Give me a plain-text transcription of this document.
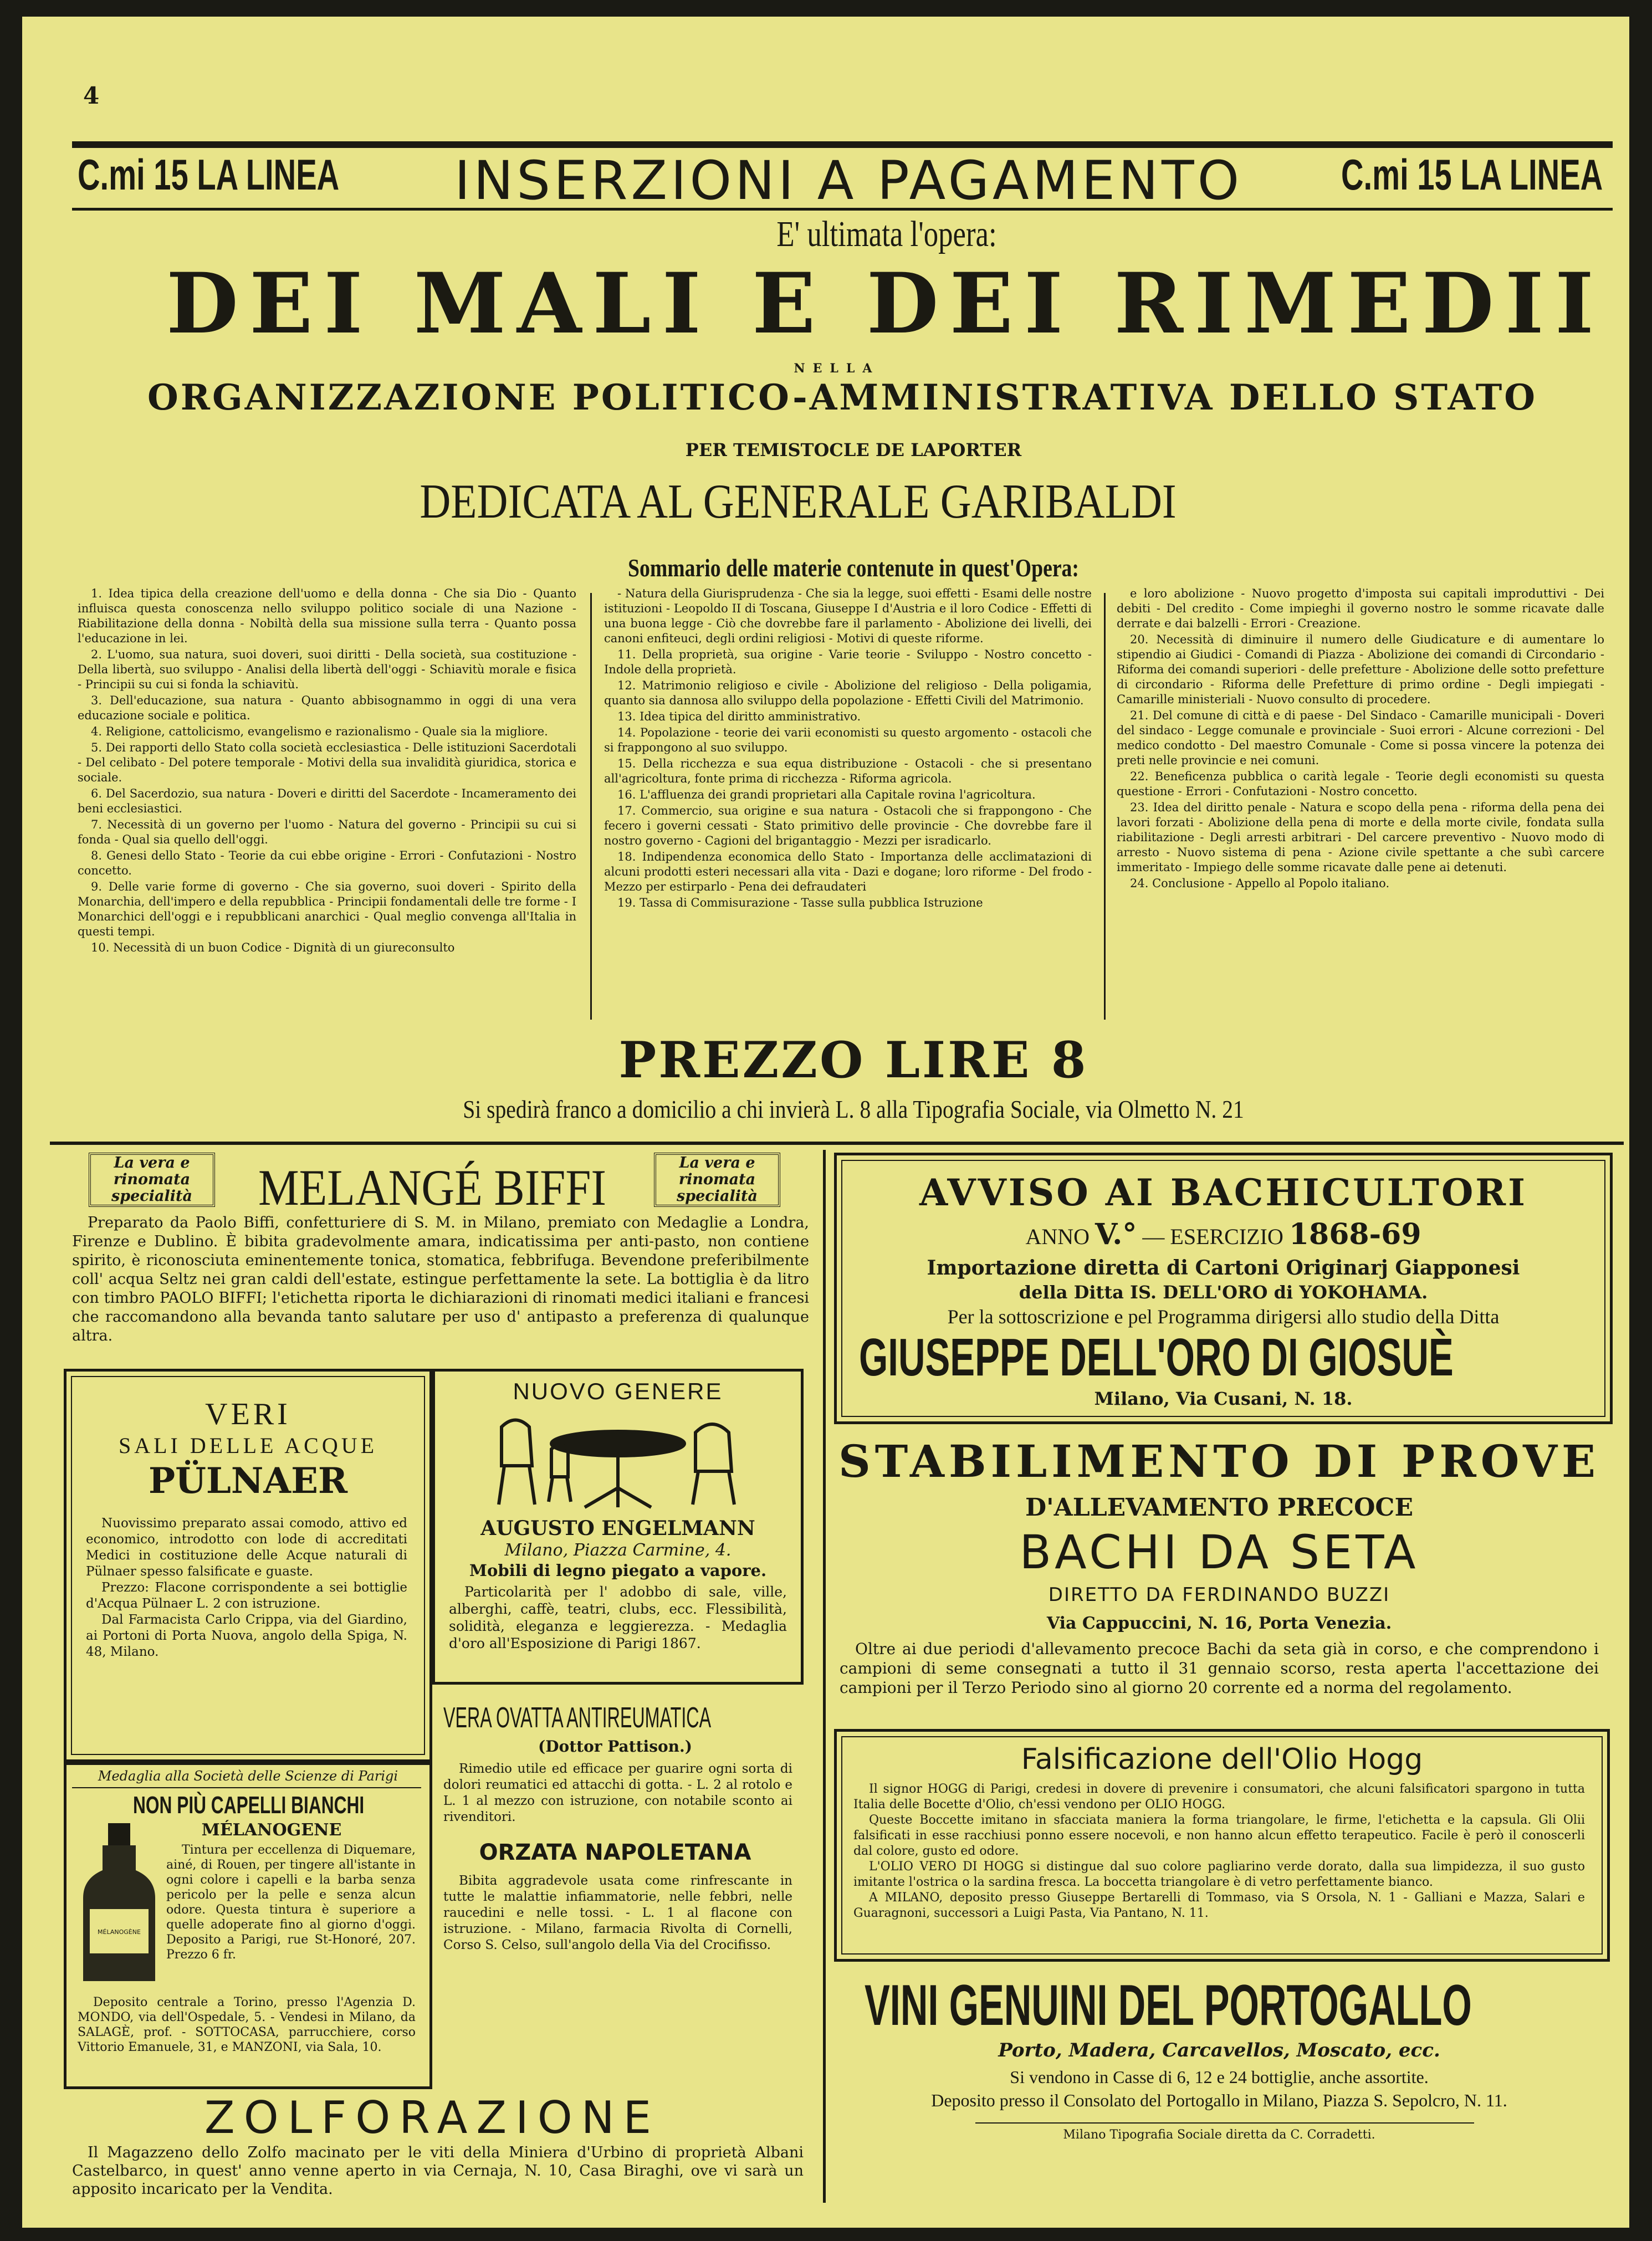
4
C.mi 15 LA LINEA INSERZIONI A PAGAMENTO C.mi 15 LA LINEA
E' ultimata l'opera:
DEI MALI E DEI RIMEDII
NELLA
ORGANIZZAZIONE POLITICO-AMMINISTRATIVA DELLO STATO
PER TEMISTOCLE DE LAPORTER
DEDICATA AL GENERALE GARIBALDI
Sommario delle materie contenute in quest'Opera:

1. Idea tipica della creazione dell'uomo e della donna - Che sia Dio - Quanto influisca questa conoscenza nello sviluppo politico sociale di una Nazione - Riabilitazione della donna - Nobiltà della sua missione sulla terra - Quanto possa l'educazione in lei.

2. L'uomo, sua natura, suoi doveri, suoi diritti - Della società, sua costituzione - Della libertà, suo sviluppo - Analisi della libertà dell'oggi - Schiavitù morale e fisica - Principii su cui si fonda la schiavitù.

3. Dell'educazione, sua natura - Quanto abbisognammo in oggi di una vera educazione sociale e politica.

4. Religione, cattolicismo, evangelismo e razionalismo - Quale sia la migliore.

5. Dei rapporti dello Stato colla società ecclesiastica - Delle istituzioni Sacerdotali - Del celibato - Del potere temporale - Motivi della sua invalidità giuridica, storica e sociale.

6. Del Sacerdozio, sua natura - Doveri e diritti del Sacerdote - Incameramento dei beni ecclesiastici.

7. Necessità di un governo per l'uomo - Natura del governo - Principii su cui si fonda - Qual sia quello dell'oggi.

8. Genesi dello Stato - Teorie da cui ebbe origine - Errori - Confutazioni - Nostro concetto.

9. Delle varie forme di governo - Che sia governo, suoi doveri - Spirito della Monarchia, dell'impero e della repubblica - Principii fondamentali delle tre forme - I Monarchici dell'oggi e i repubblicani anarchici - Qual meglio convenga all'Italia in questi tempi.

10. Necessità di un buon Codice - Dignità di un giureconsulto

- Natura della Giurisprudenza - Che sia la legge, suoi effetti - Esami delle nostre istituzioni - Leopoldo II di Toscana, Giuseppe I d'Austria e il loro Codice - Effetti di una buona legge - Ciò che dovrebbe fare il parlamento - Abolizione dei livelli, dei canoni enfiteuci, degli ordini religiosi - Motivi di queste riforme.

11. Della proprietà, sua origine - Varie teorie - Sviluppo - Nostro concetto - Indole della proprietà.

12. Matrimonio religioso e civile - Abolizione del religioso - Della poligamia, quanto sia dannosa allo sviluppo della popolazione - Effetti Civili del Matrimonio.

13. Idea tipica del diritto amministrativo.

14. Popolazione - teorie dei varii economisti su questo argomento - ostacoli che si frappongono al suo sviluppo.

15. Della ricchezza e sua equa distribuzione - Ostacoli - che si presentano all'agricoltura, fonte prima di ricchezza - Riforma agricola.

16. L'affluenza dei grandi proprietari alla Capitale rovina l'agricoltura.

17. Commercio, sua origine e sua natura - Ostacoli che si frappongono - Che fecero i governi cessati - Stato primitivo delle provincie - Che dovrebbe fare il nostro governo - Cagioni del brigantaggio - Mezzi per isradicarlo.

18. Indipendenza economica dello Stato - Importanza delle acclimatazioni di alcuni prodotti esteri necessari alla vita - Dazi e dogane; loro riforme - Del frodo - Mezzo per estirparlo - Pena dei defraudateri

19. Tassa di Commisurazione - Tasse sulla pubblica Istruzione

e loro abolizione - Nuovo progetto d'imposta sui capitali improduttivi - Dei debiti - Del credito - Come impieghi il governo nostro le somme ricavate dalle derrate e dai balzelli - Errori - Creazione.

20. Necessità di diminuire il numero delle Giudicature e di aumentare lo stipendio ai Giudici - Comandi di Piazza - Abolizione dei comandi di Circondario - Riforma dei comandi superiori - delle prefetture - Abolizione delle sotto prefetture di circondario - Riforma delle Prefetture di primo ordine - Degli impiegati - Camarille ministeriali - Nuovo consulto di procedere.

21. Del comune di città e di paese - Del Sindaco - Camarille municipali - Doveri del sindaco - Legge comunale e provinciale - Suoi errori - Alcune correzioni - Del medico condotto - Del maestro Comunale - Come si possa vincere la potenza dei preti nelle provincie e nei comuni.

22. Beneficenza pubblica o carità legale - Teorie degli economisti su questa questione - Errori - Confutazioni - Nostro concetto.

23. Idea del diritto penale - Natura e scopo della pena - riforma della pena dei lavori forzati - Abolizione della pena di morte e della morte civile, fondata sulla riabilitazione - Degli arresti arbitrari - Del carcere preventivo - Nuovo modo di arresto - Nuovo sistema di pena - Azione civile spettante a che subì carcere immeritato - Impiego delle somme ricavate dalle pene ai detenuti.

24. Conclusione - Appello al Popolo italiano.

PREZZO LIRE 8
Si spedirà franco a domicilio a chi invierà L. 8 alla Tipografia Sociale, via Olmetto N. 21
La vera e rinomata specialità	MELANGÉ BIFFI	La vera e rinomata specialità

Preparato da Paolo Biffi, confetturiere di S. M. in Milano, premiato con Medaglie a Londra, Firenze e Dublino. È bibita gradevolmente amara, indicatissima per anti-pasto, non contiene spirito, è riconosciuta eminentemente tonica, stomatica, febbrifuga. Bevendone preferibilmente coll' acqua Seltz nei gran caldi dell'estate, estingue perfettamente la sete. La bottiglia è da litro con timbro PAOLO BIFFI; l'etichetta riporta le dichiarazioni di rinomati medici italiani e francesi che raccomandono alla bevanda tanto salutare per uso d' antipasto a preferenza di qualunque altra.

VERI
SALI DELLE ACQUE
PÜLNAER

Nuovissimo preparato assai comodo, attivo ed economico, introdotto con lode di accreditati Medici in costituzione delle Acque naturali di Pülnaer spesso falsificate e guaste.

Prezzo: Flacone corrispondente a sei bottiglie d'Acqua Pülnaer L. 2 con istruzione.

Dal Farmacista Carlo Crippa, via del Giardino, ai Portoni di Porta Nuova, angolo della Spiga, N. 48, Milano.

NUOVO GENERE
AUGUSTO ENGELMANN
Milano, Piazza Carmine, 4.
Mobili di legno piegato a vapore.

Particolarità per l' adobbo di sale, ville, alberghi, caffè, teatri, clubs, ecc. Flessibilità, solidità, eleganza e leggierezza. - Medaglia d'oro all'Esposizione di Parigi 1867.

Medaglia alla Società delle Scienze di Parigi
NON PIÙ CAPELLI BIANCHI
MÉLANOGENE
MÉLANOGÈNE

Tintura per eccellenza di Diquemare, ainé, di Rouen, per tingere all'istante in ogni colore i capelli e la barba senza pericolo per la pelle e senza alcun odore. Questa tintura è superiore a quelle adoperate fino al giorno d'oggi. Deposito a Parigi, rue St-Honoré, 207. Prezzo 6 fr.

Deposito centrale a Torino, presso l'Agenzia D. MONDO, via dell'Ospedale, 5. - Vendesi in Milano, da SALAGÈ, prof. - SOTTOCASA, parrucchiere, corso Vittorio Emanuele, 31, e MANZONI, via Sala, 10.

VERA OVATTA ANTIREUMATICA
(Dottor Pattison.)

Rimedio utile ed efficace per guarire ogni sorta di dolori reumatici ed attacchi di gotta. - L. 2 al rotolo e L. 1 al mezzo con istruzione, con notabile sconto ai rivenditori.

ORZATA NAPOLETANA

Bibita aggradevole usata come rinfrescante in tutte le malattie infiammatorie, nelle febbri, nelle raucedini e nelle tossi. - L. 1 al flacone con istruzione. - Milano, farmacia Rivolta di Cornelli, Corso S. Celso, sull'angolo della Via del Crocifisso.

ZOLFORAZIONE

Il Magazzeno dello Zolfo macinato per le viti della Miniera d'Urbino di proprietà Albani Castelbarco, in quest' anno venne aperto in via Cernaja, N. 10, Casa Biraghi, ove vi sarà un apposito incaricato per la Vendita.

AVVISO AI BACHICULTORI
ANNO V.° — ESERCIZIO 1868-69
Importazione diretta di Cartoni Originarj Giapponesi
della Ditta IS. DELL'ORO di YOKOHAMA.
Per la sottoscrizione e pel Programma dirigersi allo studio della Ditta
GIUSEPPE DELL'ORO DI GIOSUÈ
Milano, Via Cusani, N. 18.
STABILIMENTO DI PROVE
D'ALLEVAMENTO PRECOCE
BACHI DA SETA
DIRETTO DA FERDINANDO BUZZI
Via Cappuccini, N. 16, Porta Venezia.

Oltre ai due periodi d'allevamento precoce Bachi da seta già in corso, e che comprendono i campioni di seme consegnati a tutto il 31 gennaio scorso, resta aperta l'accettazione dei campioni per il Terzo Periodo sino al giorno 20 corrente ed a norma del regolamento.

Falsificazione dell'Olio Hogg

Il signor HOGG di Parigi, credesi in dovere di prevenire i consumatori, che alcuni falsificatori spargono in tutta Italia delle Bocette d'Olio, ch'essi vendono per OLIO HOGG.

Queste Boccette imitano in sfacciata maniera la forma triangolare, le firme, l'etichetta e la capsula. Gli Olii falsificati in esse racchiusi ponno essere nocevoli, e non hanno alcun effetto terapeutico. Facile è però il conoscerli dal colore, gusto ed odore.

L'OLIO VERO DI HOGG si distingue dal suo colore pagliarino verde dorato, dalla sua limpidezza, il suo gusto imitante l'ostrica o la sardina fresca. La boccetta triangolare è di vetro perfettamente bianco.

A MILANO, deposito presso Giuseppe Bertarelli di Tommaso, via S Orsola, N. 1 - Galliani e Mazza, Salari e Guaragnoni, successori a Luigi Pasta, Via Pantano, N. 11.

VINI GENUINI DEL PORTOGALLO
Porto, Madera, Carcavellos, Moscato, ecc.
Si vendono in Casse di 6, 12 e 24 bottiglie, anche assortite.
Deposito presso il Consolato del Portogallo in Milano, Piazza S. Sepolcro, N. 11.
Milano Tipografia Sociale diretta da C. Corradetti.
